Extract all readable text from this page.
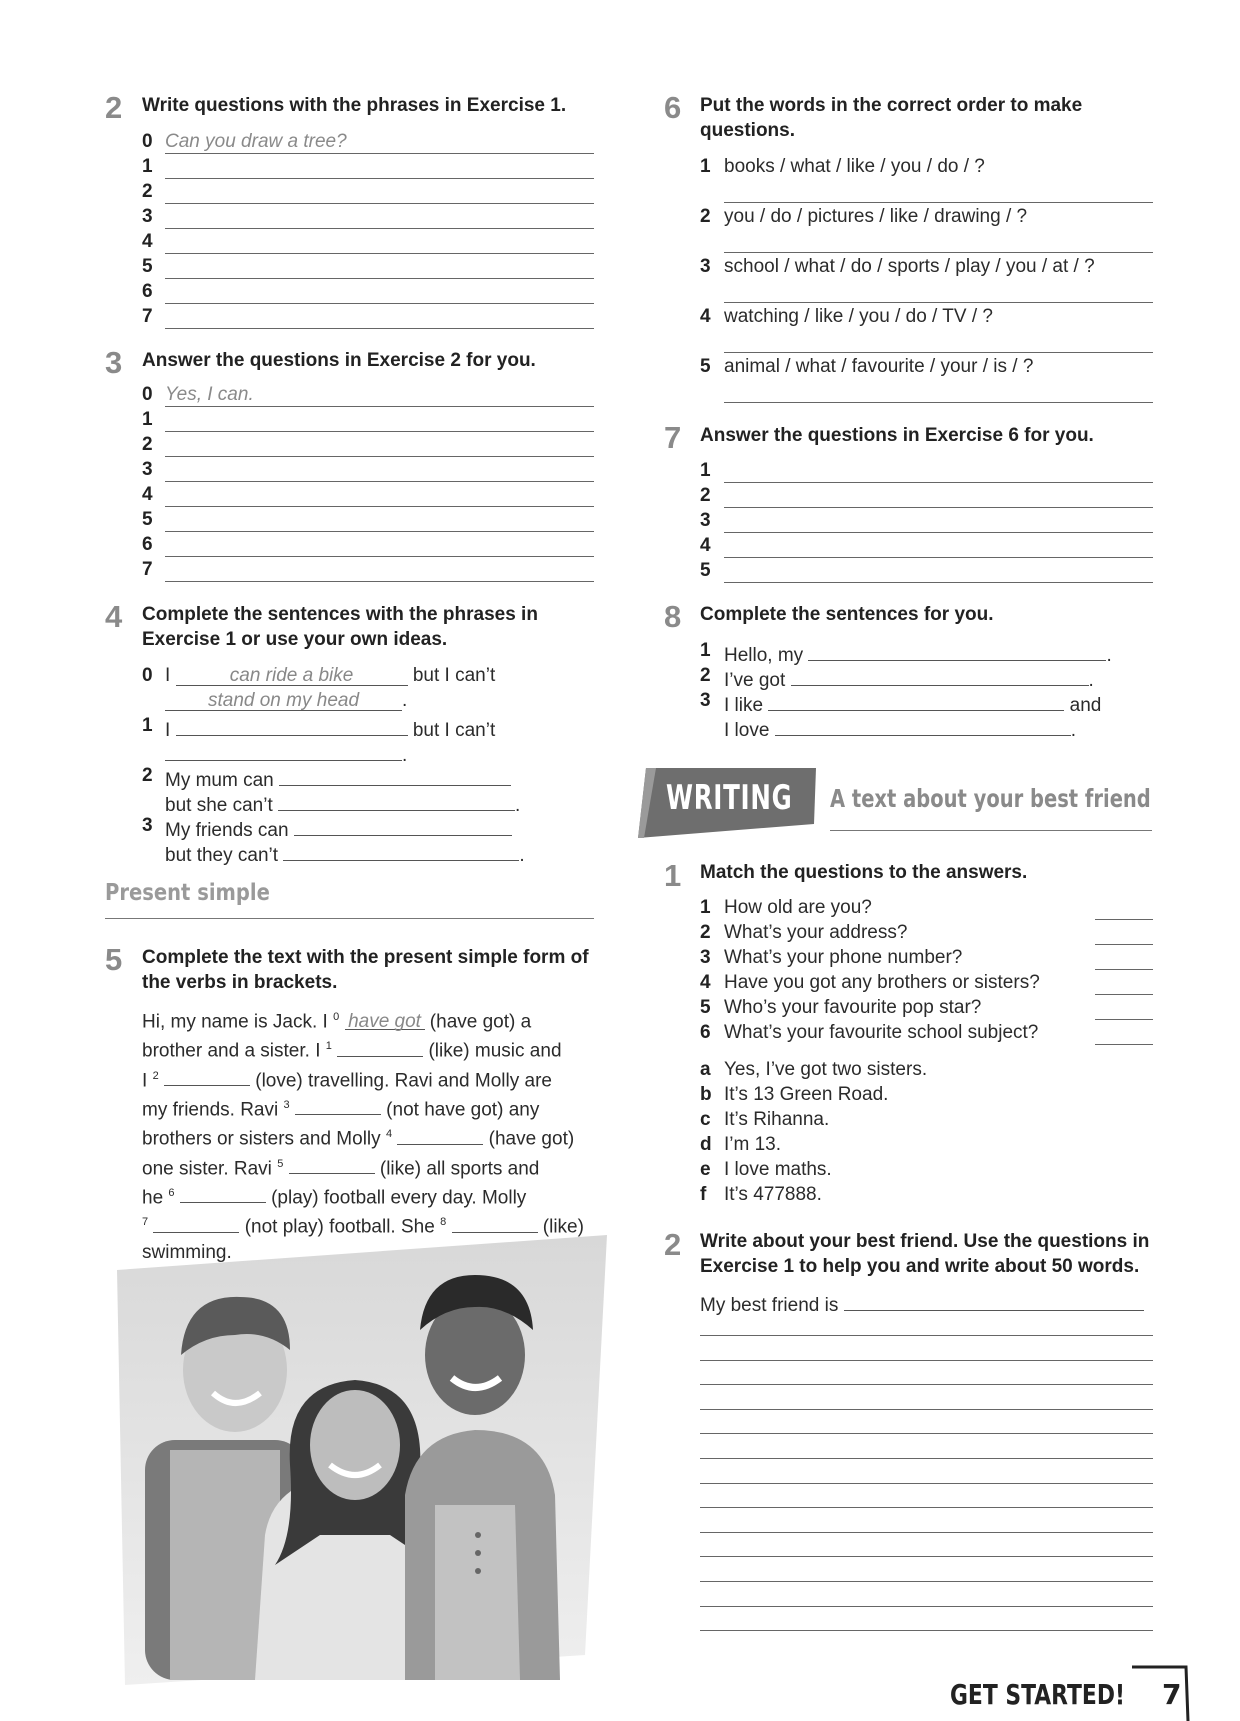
2 Write questions with the phrases in Exercise 1.
0 Can you draw a tree?
1
2
3
4
5
6
7
3 Answer the questions in Exercise 2 for you.
0 Yes, I can.
1
2
3
4
5
6
7
4 Complete the sentences with the phrases in
Exercise 1 or use your own ideas.
0 I	can ride a bike	but I can’t
stand on my head .
1 I	but I can’t
.
2 My mum can
but she can’t	.
3 My friends can
but they can’t	.
Present simple
5 Complete the text with the present simple form of
the verbs in brackets.
Hi, my name is Jack. I $^0$ have got (have got) a
brother and a sister. I $^1$	(like) music and
I $^2$	(love) travelling. Ravi and Molly are
my friends. Ravi $^3$	(not have got) any
brothers or sisters and Molly $^4$	(have got)
one sister. Ravi $^5$	(like) all sports and
he $^6$	(play) football every day. Molly
$^7$	(not play) football. She $^8$	(like)
swimming.
6 Put the words in the correct order to make
questions.
1 books / what / like / you / do / ?
2 you / do / pictures / like / drawing / ?
3 school / what / do / sports / play / you / at / ?
4 watching / like / you / do / TV / ?
5 animal / what / favourite / your / is / ?
7 Answer the questions in Exercise 6 for you.
1
2
3
4
5
8 Complete the sentences for you.
1 Hello, my	.
2 I’ve got	.
3 I like	and
I love	.
WRITING A text about your best friend
1 Match the questions to the answers.
1 How old are you?
2 What’s your address?
3 What’s your phone number?
4 Have you got any brothers or sisters?
5 Who’s your favourite pop star?
6 What’s your favourite school subject?
a Yes, I’ve got two sisters.
b It’s 13 Green Road.
c It’s Rihanna.
d I’m 13.
e I love maths.
f It’s 477888.
2 Write about your best friend. Use the questions in
Exercise 1 to help you and write about 50 words.
My best friend is
GET STARTED! 7
